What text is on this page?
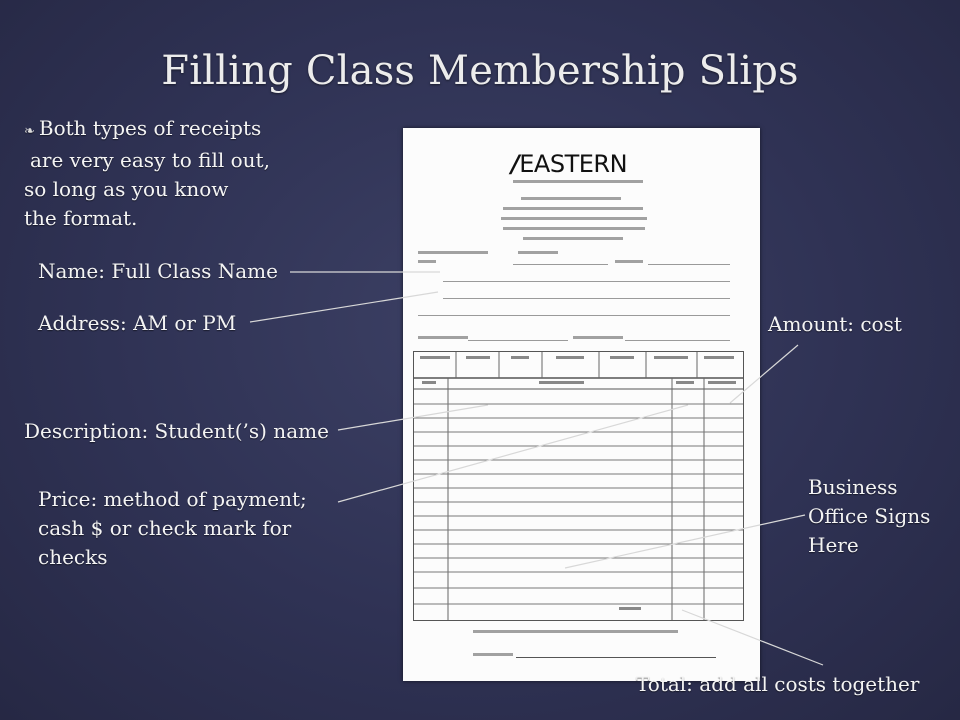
Filling Class Membership Slips
❧ Both types of receipts
are very easy to fill out,
so long as you know
the format.
Name: Full Class Name
Address: AM or PM
Description: Student(’s) name
Price: method of payment;
cash $ or check mark for
checks
Amount: cost
Business
Office Signs
Here
/EASTERN
Total: add all costs together
